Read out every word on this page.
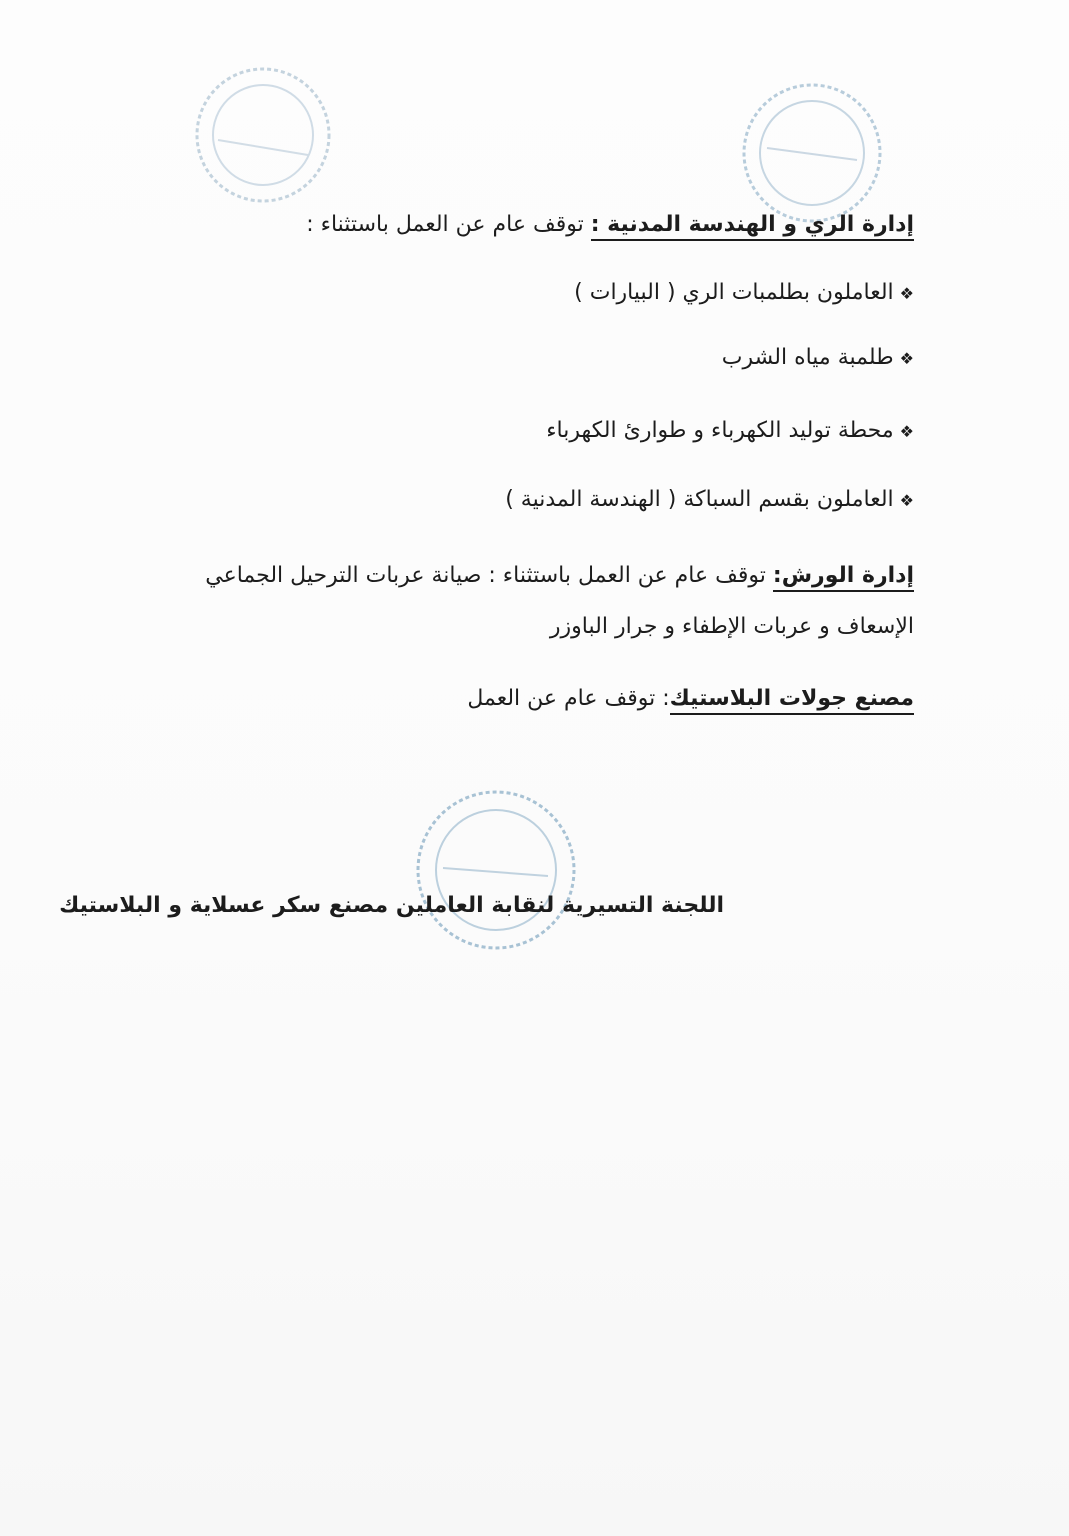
إدارة الري و الهندسة المدنية : توقف عام عن العمل باستثناء :
❖العاملون بطلمبات الري ( البيارات )
❖طلمبة مياه الشرب
❖محطة توليد الكهرباء و طوارئ الكهرباء
❖العاملون بقسم السباكة ( الهندسة المدنية )
إدارة الورش: توقف عام عن العمل باستثناء : صيانة عربات الترحيل الجماعي
الإسعاف و عربات الإطفاء و جرار الباوزر
مصنع جولات البلاستيك: توقف عام عن العمل
اللجنة التسيرية لنقابة العاملين مصنع سكر عسلاية و البلاستيك
